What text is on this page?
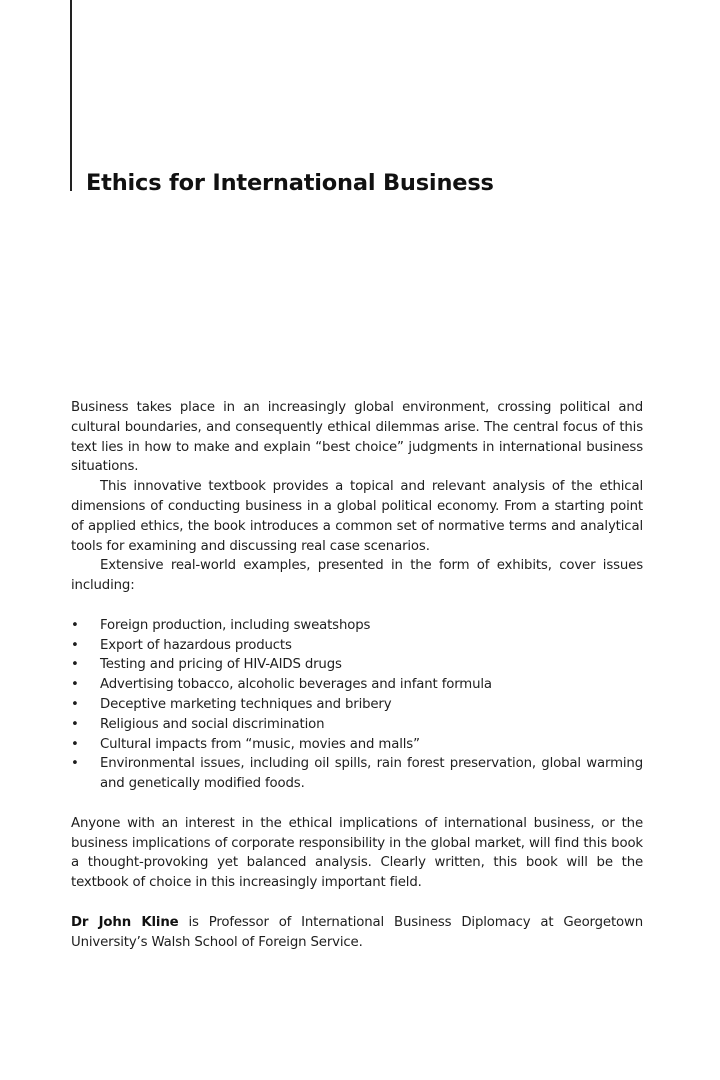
Ethics for International Business

Business takes place in an increasingly global environment, crossing political and cultural boundaries, and consequently ethical dilemmas arise. The central focus of this text lies in how to make and explain “best choice” judgments in international business situations.

This innovative textbook provides a topical and relevant analysis of the ethical dimensions of conducting business in a global political economy. From a starting point of applied ethics, the book introduces a common set of normative terms and analytical tools for examining and discussing real case scenarios.

Extensive real-world examples, presented in the form of exhibits, cover issues including:

• Foreign production, including sweatshops
• Export of hazardous products
• Testing and pricing of HIV-AIDS drugs
• Advertising tobacco, alcoholic beverages and infant formula
• Deceptive marketing techniques and bribery
• Religious and social discrimination
• Cultural impacts from “music, movies and malls”
• Environmental issues, including oil spills, rain forest preservation, global warming and genetically modified foods.

Anyone with an interest in the ethical implications of international business, or the business implications of corporate responsibility in the global market, will find this book a thought-provoking yet balanced analysis. Clearly written, this book will be the textbook of choice in this increasingly important field.

Dr John Kline is Professor of International Business Diplomacy at Georgetown University’s Walsh School of Foreign Service.
